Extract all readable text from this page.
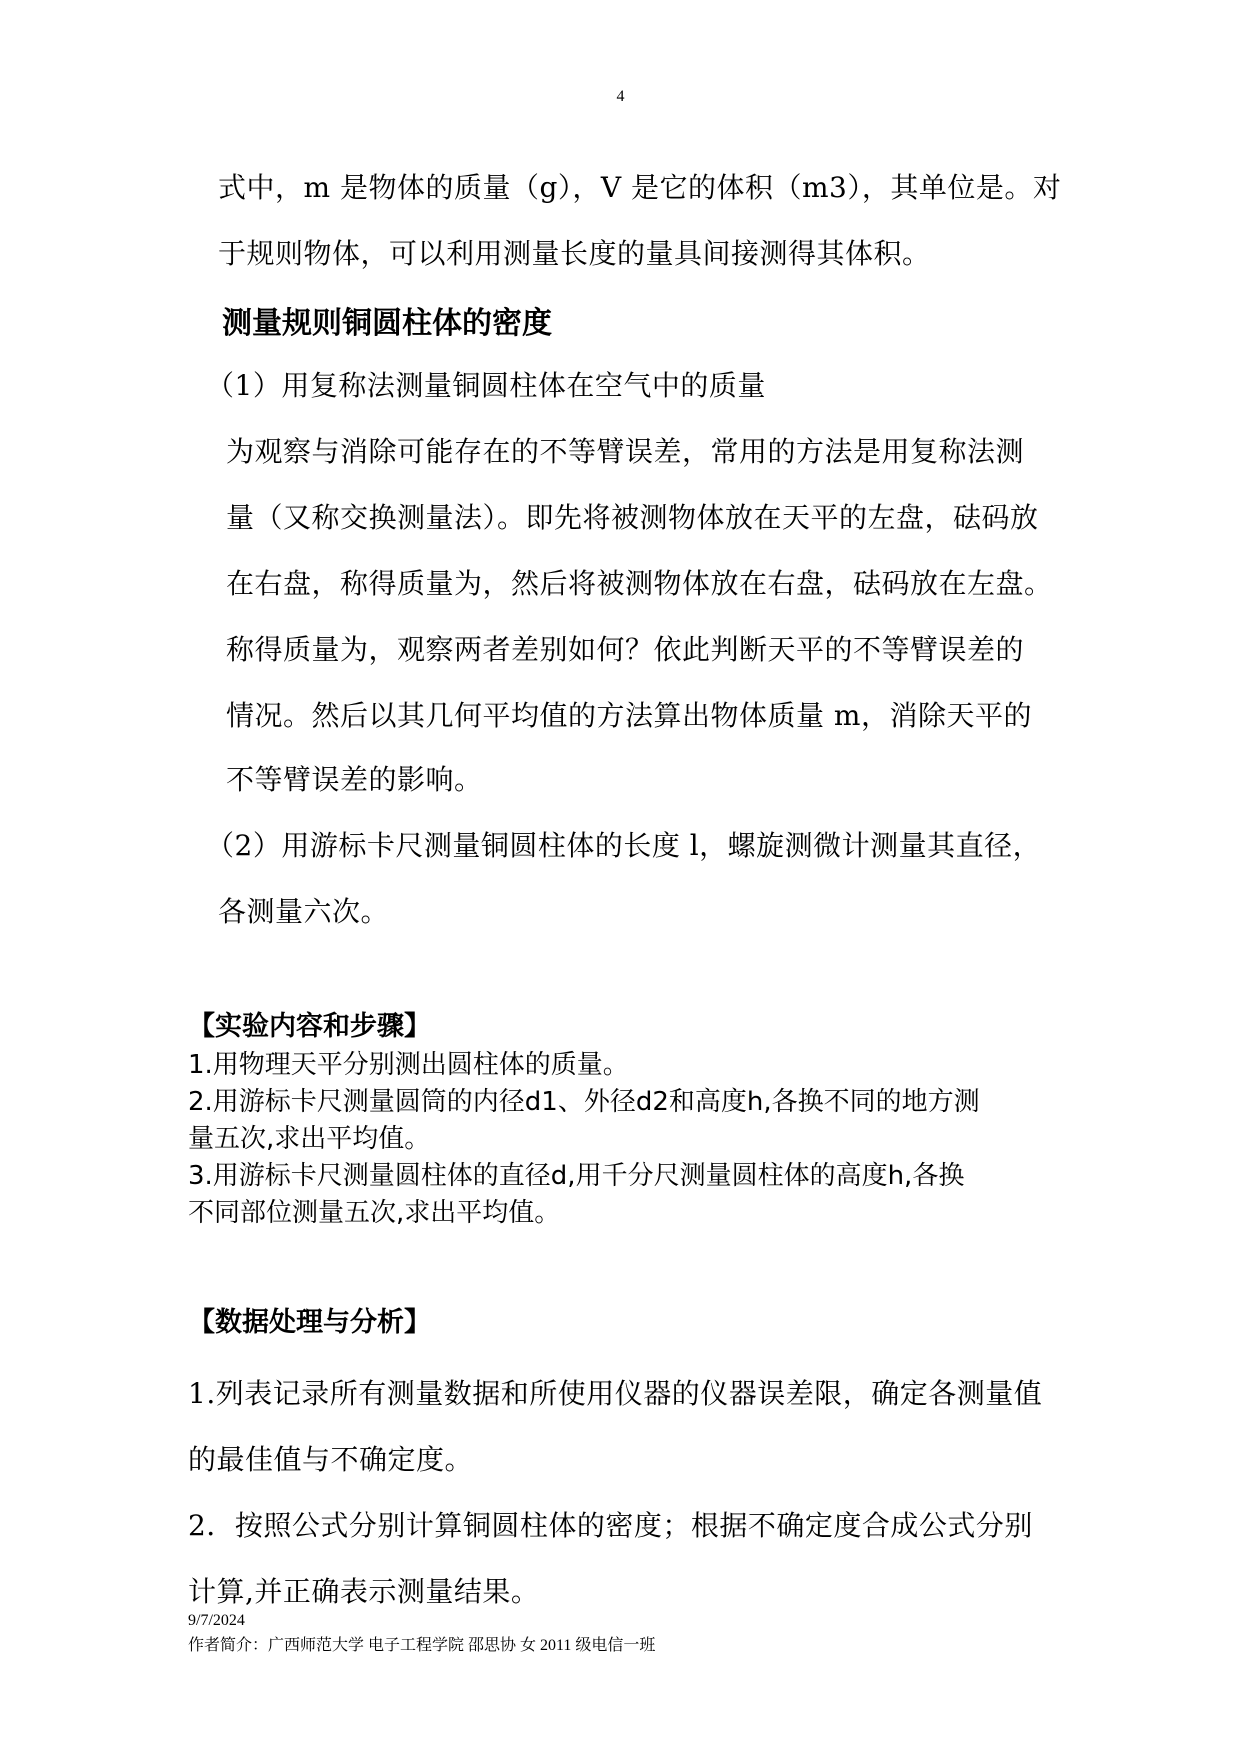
4
式中，m 是物体的质量（g），V 是它的体积（m3），其单位是。对
于规则物体，可以利用测量长度的量具间接测得其体积。
测量规则铜圆柱体的密度
（1）用复称法测量铜圆柱体在空气中的质量
为观察与消除可能存在的不等臂误差，常用的方法是用复称法测
量（又称交换测量法）。即先将被测物体放在天平的左盘，砝码放
在右盘，称得质量为，然后将被测物体放在右盘，砝码放在左盘。
称得质量为，观察两者差别如何？依此判断天平的不等臂误差的
情况。然后以其几何平均值的方法算出物体质量 m，消除天平的
不等臂误差的影响。
（2）用游标卡尺测量铜圆柱体的长度 l，螺旋测微计测量其直径，
各测量六次。
【实验内容和步骤】
1.用物理天平分别测出圆柱体的质量。
2.用游标卡尺测量圆筒的内径d1、外径d2和高度h,各换不同的地方测
量五次,求出平均值。
3.用游标卡尺测量圆柱体的直径d,用千分尺测量圆柱体的高度h,各换
不同部位测量五次,求出平均值。
【数据处理与分析】
1.列表记录所有测量数据和所使用仪器的仪器误差限，确定各测量值
的最佳值与不确定度。
2．按照公式分别计算铜圆柱体的密度；根据不确定度合成公式分别
计算,并正确表示测量结果。
9/7/2024
作者简介：广西师范大学 电子工程学院 邵思协 女 2011 级电信一班
